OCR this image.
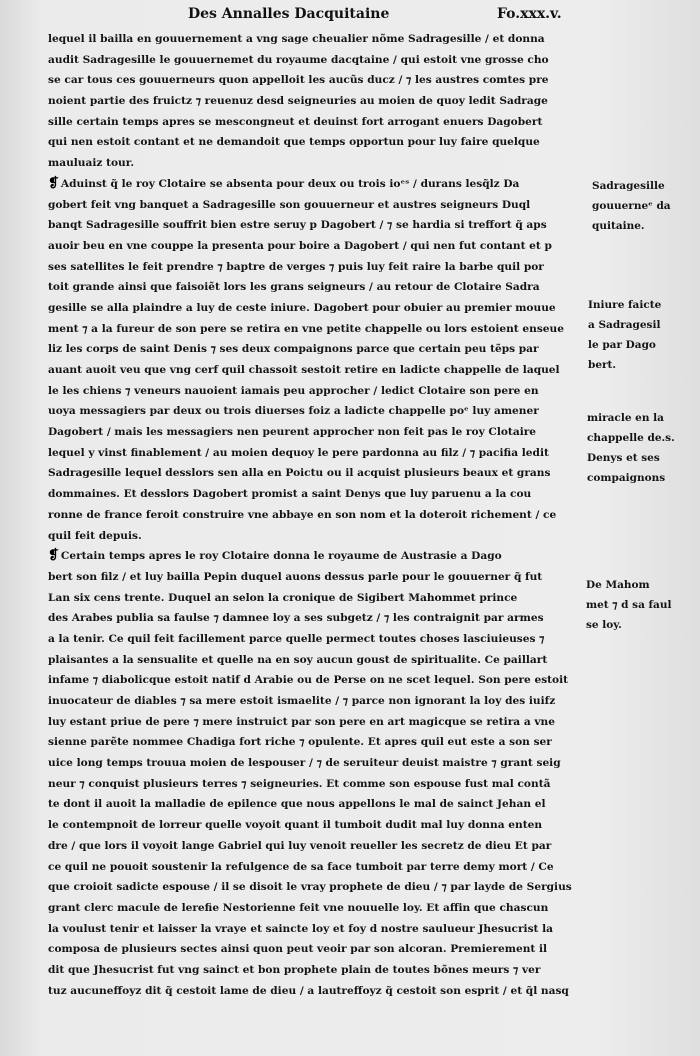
Des Annalles Dacquitaine	Fo.xxx.v.
lequel il bailla en gouuernement a vng sage cheualier nõme Sadragesille / et donna
audit Sadragesille le gouuernemet du royaume dacqtaine / qui estoit vne grosse cho
se car tous ces gouuerneurs quon appelloit les aucũs ducz / ⁊ les austres comtes pre
noient partie des fruictz ⁊ reuenuz desd seigneuries au moien de quoy ledit Sadrage
sille certain temps apres se mescongneut et deuinst fort arrogant enuers Dagobert
qui nen estoit contant et ne demandoit que temps opportun pour luy faire quelque
mauluaiz tour.
❡ Aduinst q̃ le roy Clotaire se absenta pour deux ou trois ioᵉˢ / durans lesq̃lz Da
gobert feit vng banquet a Sadragesille son gouuerneur et austres seigneurs Duql
banqt Sadragesille souffrit bien estre seruy p Dagobert / ⁊ se hardia si treffort q̃ aps
auoir beu en vne couppe la presenta pour boire a Dagobert / qui nen fut contant et p
ses satellites le feit prendre ⁊ baptre de verges ⁊ puis luy feit raire la barbe quil por
toit grande ainsi que faisoiẽt lors les grans seigneurs / au retour de Clotaire Sadra
gesille se alla plaindre a luy de ceste iniure. Dagobert pour obuier au premier mouue
ment ⁊ a la fureur de son pere se retira en vne petite chappelle ou lors estoient enseue
liz les corps de saint Denis ⁊ ses deux compaignons parce que certain peu tẽps par
auant auoit veu que vng cerf quil chassoit sestoit retire en ladicte chappelle de laquel
le les chiens ⁊ veneurs nauoient iamais peu approcher / ledict Clotaire son pere en
uoya messagiers par deux ou trois diuerses foiz a ladicte chappelle poᵉ luy amener
Dagobert / mais les messagiers nen peurent approcher non feit pas le roy Clotaire
lequel y vinst finablement / au moien dequoy le pere pardonna au filz / ⁊ pacifia ledit
Sadragesille lequel desslors sen alla en Poictu ou il acquist plusieurs beaux et grans
dommaines. Et desslors Dagobert promist a saint Denys que luy paruenu a la cou
ronne de france feroit construire vne abbaye en son nom et la doteroit richement / ce
quil feit depuis.
❡ Certain temps apres le roy Clotaire donna le royaume de Austrasie a Dago
bert son filz / et luy bailla Pepin duquel auons dessus parle pour le gouuerner q̃ fut
Lan six cens trente. Duquel an selon la cronique de Sigibert Mahommet prince
des Arabes publia sa faulse ⁊ damnee loy a ses subgetz / ⁊ les contraignit par armes
a la tenir. Ce quil feit facillement parce quelle permect toutes choses lasciuieuses ⁊
plaisantes a la sensualite et quelle na en soy aucun goust de spiritualite. Ce paillart
infame ⁊ diabolicque estoit natif d Arabie ou de Perse on ne scet lequel. Son pere estoit
inuocateur de diables ⁊ sa mere estoit ismaelite / ⁊ parce non ignorant la loy des iuifz
luy estant priue de pere ⁊ mere instruict par son pere en art magicque se retira a vne
sienne parẽte nommee Chadiga fort riche ⁊ opulente. Et apres quil eut este a son ser
uice long temps trouua moien de lespouser / ⁊ de seruiteur deuist maistre ⁊ grant seig
neur ⁊ conquist plusieurs terres ⁊ seigneuries. Et comme son espouse fust mal contã
te dont il auoit la malladie de epilence que nous appellons le mal de sainct Jehan el
le contempnoit de lorreur quelle voyoit quant il tumboit dudit mal luy donna enten
dre / que lors il voyoit lange Gabriel qui luy venoit reueller les secretz de dieu Et par
ce quil ne pouoit soustenir la refulgence de sa face tumboit par terre demy mort / Ce
que croioit sadicte espouse / il se disoit le vray prophete de dieu / ⁊ par layde de Sergius
grant clerc macule de lerefie Nestorienne feit vne nouuelle loy. Et affin que chascun
la voulust tenir et laisser la vraye et saincte loy et foy d nostre saulueur Jhesucrist la
composa de plusieurs sectes ainsi quon peut veoir par son alcoran. Premierement il
dit que Jhesucrist fut vng sainct et bon prophete plain de toutes bõnes meurs ⁊ ver
tuz aucuneffoyz dit q̃ cestoit lame de dieu / a lautreffoyz q̃ cestoit son esprit / et q̃l nasq
Sadragesille
gouuerneᵉ da
quitaine.
Iniure faicte
a Sadragesil
le par Dago
bert.
miracle en la
chappelle de.s.
Denys et ses
compaignons
De Mahom
met ⁊ d sa faul
se loy.
